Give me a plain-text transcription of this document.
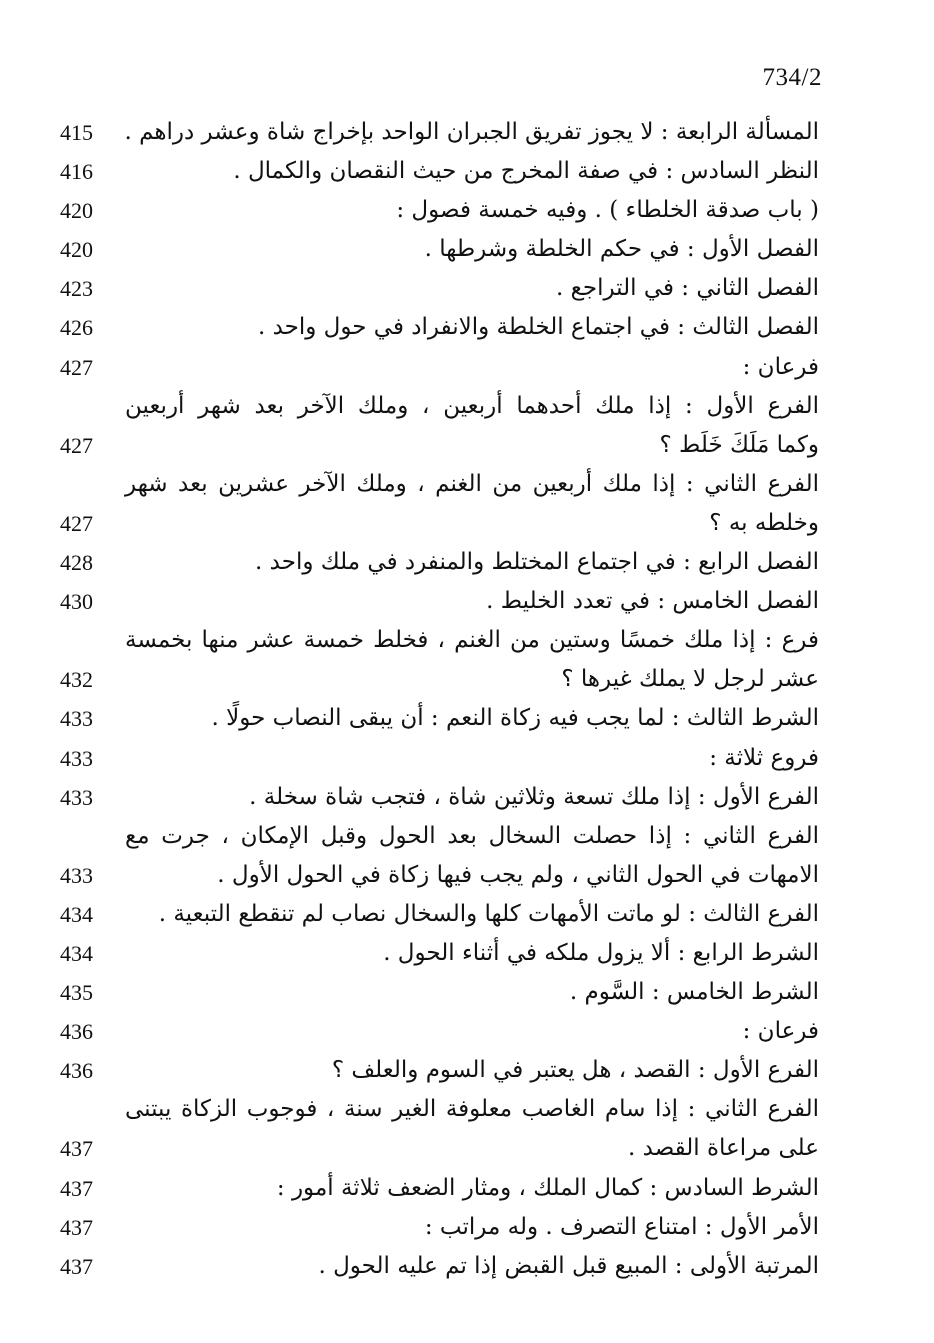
734/2
المسألة الرابعة : لا يجوز تفريق الجبران الواحد بإخراج شاة وعشر دراهم .
415
النظر السادس : في صفة المخرج من حيث النقصان والكمال .
416
( باب صدقة الخلطاء ) . وفيه خمسة فصول :
420
الفصل الأول : في حكم الخلطة وشرطها .
420
الفصل الثاني : في التراجع .
423
الفصل الثالث : في اجتماع الخلطة والانفراد في حول واحد .
426
فرعان :
427
الفرع الأول : إذا ملك أحدهما أربعين ، وملك الآخر بعد شهر أربعين
وكما مَلَكَ خَلَط ؟
427
الفرع الثاني : إذا ملك أربعين من الغنم ، وملك الآخر عشرين بعد شهر
وخلطه به ؟
427
الفصل الرابع : في اجتماع المختلط والمنفرد في ملك واحد .
428
الفصل الخامس : في تعدد الخليط .
430
فرع : إذا ملك خمسًا وستين من الغنم ، فخلط خمسة عشر منها بخمسة
عشر لرجل لا يملك غيرها ؟
432
الشرط الثالث : لما يجب فيه زكاة النعم : أن يبقى النصاب حولًا .
433
فروع ثلاثة :
433
الفرع الأول : إذا ملك تسعة وثلاثين شاة ، فتجب شاة سخلة .
433
الفرع الثاني : إذا حصلت السخال بعد الحول وقبل الإمكان ، جرت مع
الامهات في الحول الثاني ، ولم يجب فيها زكاة في الحول الأول .
433
الفرع الثالث : لو ماتت الأمهات كلها والسخال نصاب لم تنقطع التبعية .
434
الشرط الرابع : ألا يزول ملكه في أثناء الحول .
434
الشرط الخامس : السَّوم .
435
فرعان :
436
الفرع الأول : القصد ، هل يعتبر في السوم والعلف ؟
436
الفرع الثاني : إذا سام الغاصب معلوفة الغير سنة ، فوجوب الزكاة يبتنى
على مراعاة القصد .
437
الشرط السادس : كمال الملك ، ومثار الضعف ثلاثة أمور :
437
الأمر الأول : امتناع التصرف . وله مراتب :
437
المرتبة الأولى : المبيع قبل القبض إذا تم عليه الحول .
437
